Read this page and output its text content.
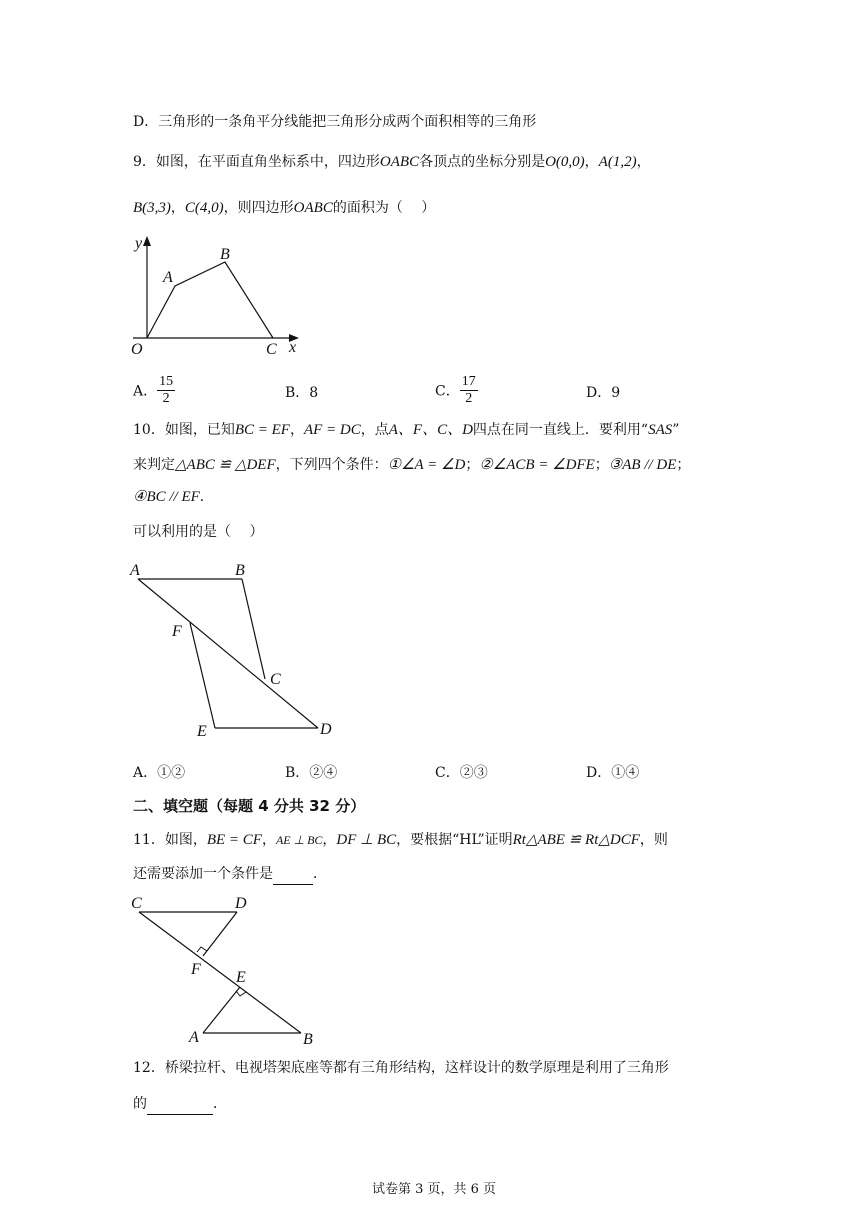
D．三角形的一条角平分线能把三角形分成两个面积相等的三角形
9．如图，在平面直角坐标系中，四边形OABC各顶点的坐标分别是O(0,0)，A(1,2)，
B(3,3)，C(4,0)，则四边形OABC的面积为（　 ）
y
x
O
A
B
C
A． $\frac{15}{2}$	B．8	C． $\frac{17}{2}$	D．9
10．如图，已知BC = EF，AF = DC，点A、F、C、D四点在同一直线上．要利用“SAS”
来判定△ABC ≌ △DEF，下列四个条件：①∠A = ∠D；②∠ACB = ∠DFE；③AB // DE；
④BC // EF．
可以利用的是（　 ）
A	B
F
C
E	D
A．①②	B．②④	C．②③	D．①④
二、填空题（每题 4 分共 32 分）
11．如图，BE = CF，AE ⊥ BC，DF ⊥ BC，要根据“HL”证明Rt△ABE ≌ Rt△DCF，则
还需要添加一个条件是	．
C	D
F E
A	B
12．桥梁拉杆、电视塔架底座等都有三角形结构，这样设计的数学原理是利用了三角形
的	．
试卷第 3 页，共 6 页
